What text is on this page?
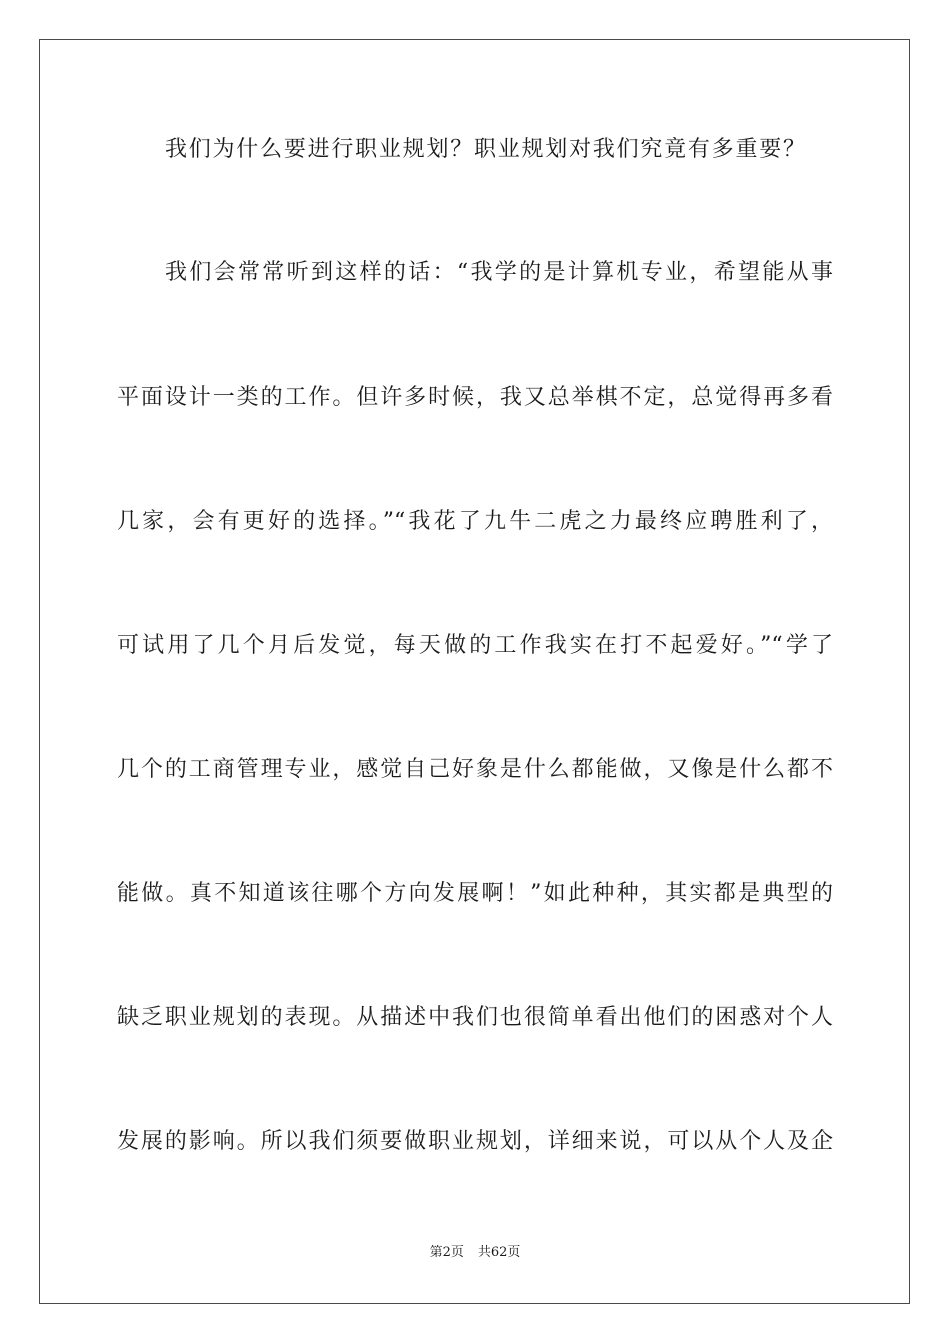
我们为什么要进行职业规划？职业规划对我们究竟有多重要？
我们会常常听到这样的话：“我学的是计算机专业，希望能从事
平面设计一类的工作。但许多时候，我又总举棋不定，总觉得再多看
几家，会有更好的选择。”“我花了九牛二虎之力最终应聘胜利了，
可试用了几个月后发觉，每天做的工作我实在打不起爱好。”“学了
几个的工商管理专业，感觉自己好象是什么都能做，又像是什么都不
能做。真不知道该往哪个方向发展啊！”如此种种，其实都是典型的
缺乏职业规划的表现。从描述中我们也很简单看出他们的困惑对个人
发展的影响。所以我们须要做职业规划，详细来说，可以从个人及企
第2页 共62页
